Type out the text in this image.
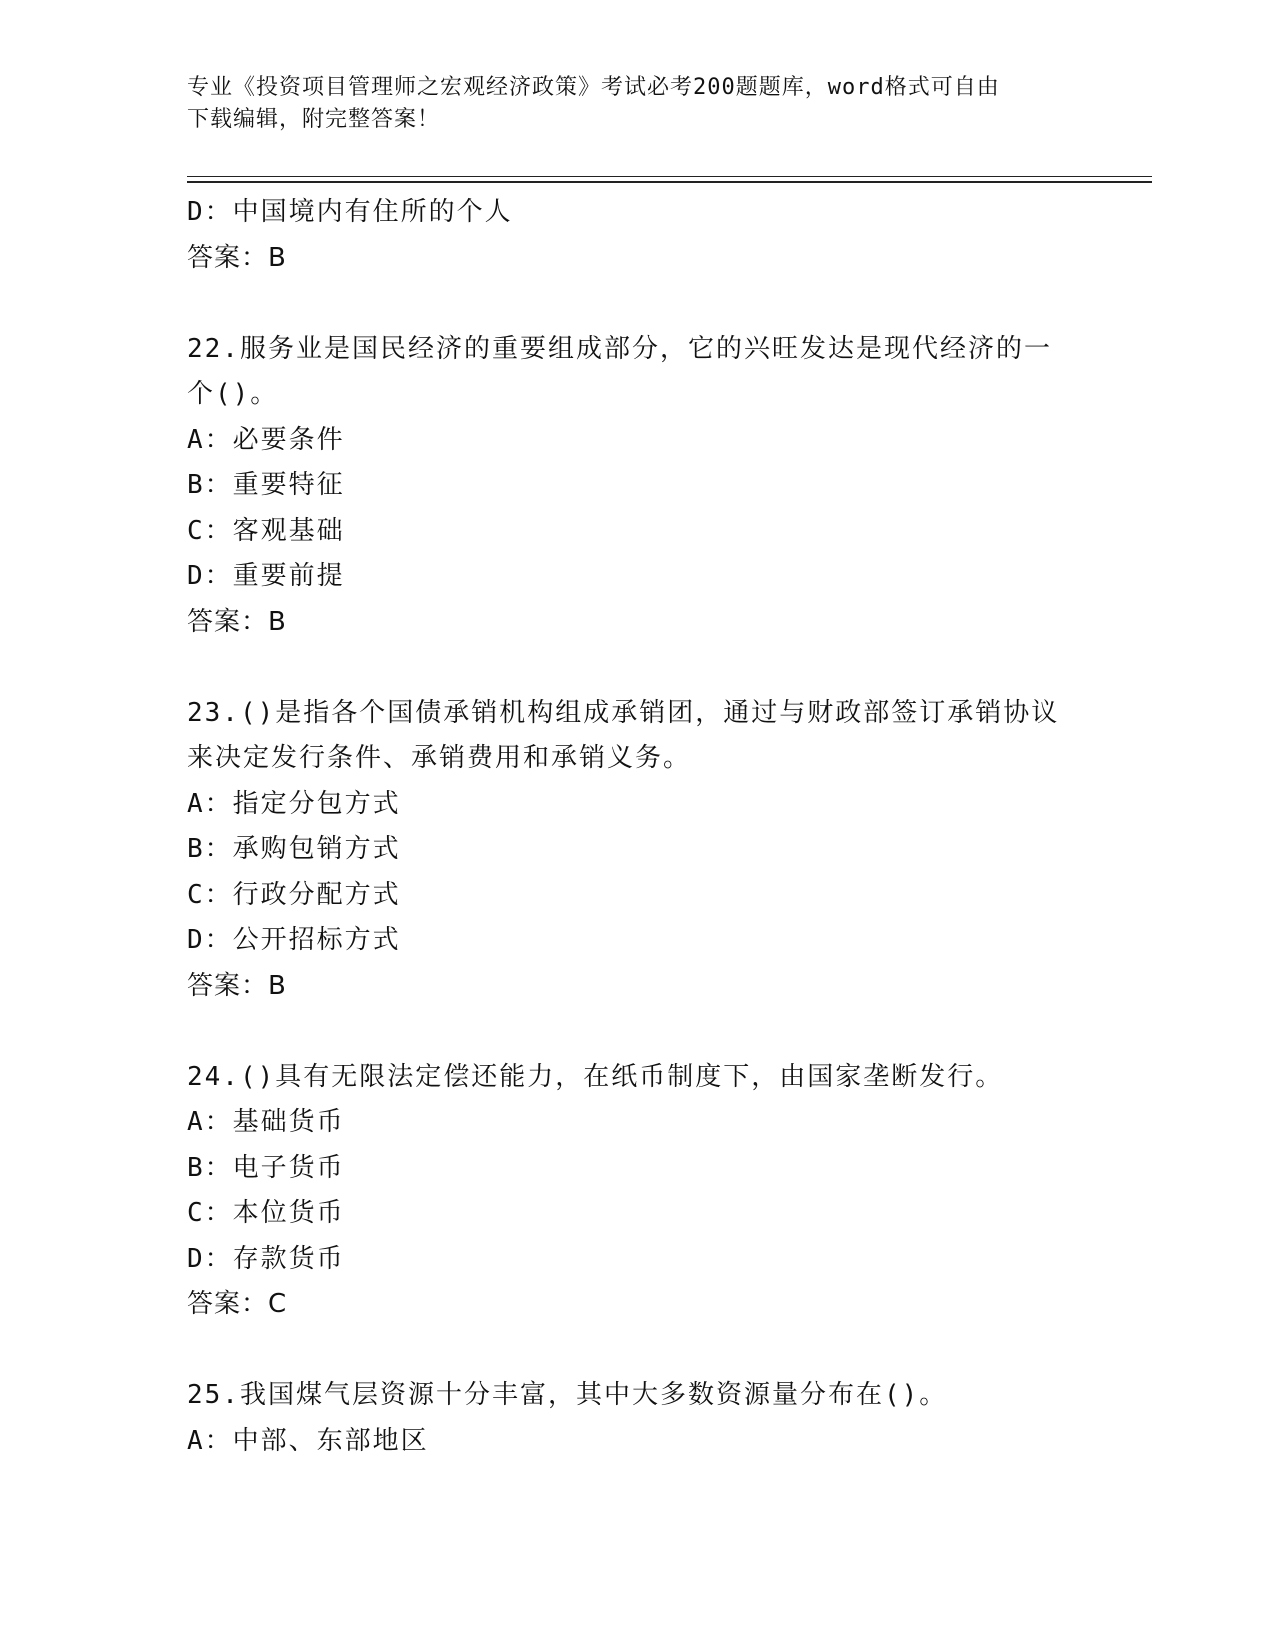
专业《投资项目管理师之宏观经济政策》考试必考200题题库，word格式可自由
下载编辑，附完整答案！
D：中国境内有住所的个人
答案：B
22.服务业是国民经济的重要组成部分，它的兴旺发达是现代经济的一
个()。
A：必要条件
B：重要特征
C：客观基础
D：重要前提
答案：B
23.()是指各个国债承销机构组成承销团，通过与财政部签订承销协议
来决定发行条件、承销费用和承销义务。
A：指定分包方式
B：承购包销方式
C：行政分配方式
D：公开招标方式
答案：B
24.()具有无限法定偿还能力，在纸币制度下，由国家垄断发行。
A：基础货币
B：电子货币
C：本位货币
D：存款货币
答案：C
25.我国煤气层资源十分丰富，其中大多数资源量分布在()。
A：中部、东部地区
